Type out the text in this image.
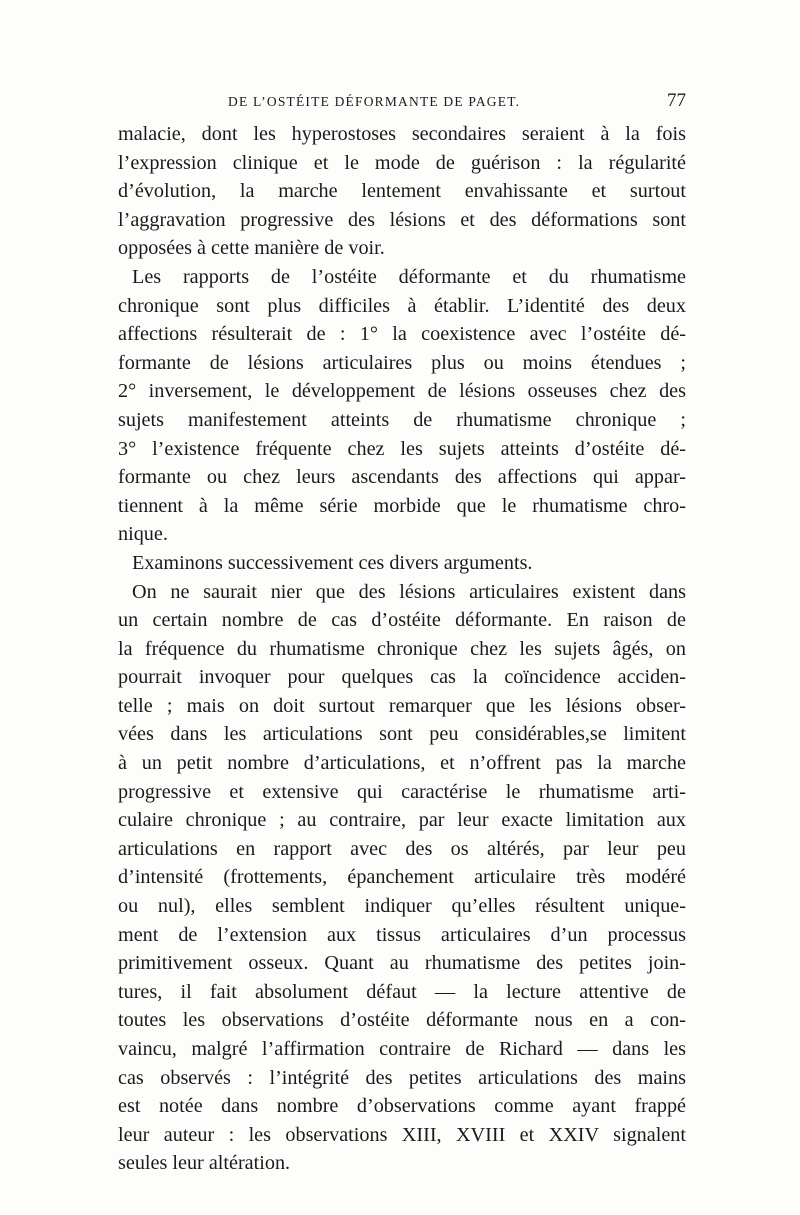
DE L’OSTÉITE DÉFORMANTE DE PAGET.	77
malacie, dont les hyperostoses secondaires seraient à la fois
l’expression clinique et le mode de guérison : la régularité
d’évolution, la marche lentement envahissante et surtout
l’aggravation progressive des lésions et des déformations sont
opposées à cette manière de voir.
Les rapports de l’ostéite déformante et du rhumatisme
chronique sont plus difficiles à établir. L’identité des deux
affections résulterait de : 1° la coexistence avec l’ostéite dé-
formante de lésions articulaires plus ou moins étendues ;
2° inversement, le développement de lésions osseuses chez des
sujets manifestement atteints de rhumatisme chronique ;
3° l’existence fréquente chez les sujets atteints d’ostéite dé-
formante ou chez leurs ascendants des affections qui appar-
tiennent à la même série morbide que le rhumatisme chro-
nique.
Examinons successivement ces divers arguments.
On ne saurait nier que des lésions articulaires existent dans
un certain nombre de cas d’ostéite déformante. En raison de
la fréquence du rhumatisme chronique chez les sujets âgés, on
pourrait invoquer pour quelques cas la coïncidence acciden-
telle ; mais on doit surtout remarquer que les lésions obser-
vées dans les articulations sont peu considérables,se limitent
à un petit nombre d’articulations, et n’offrent pas la marche
progressive et extensive qui caractérise le rhumatisme arti-
culaire chronique ; au contraire, par leur exacte limitation aux
articulations en rapport avec des os altérés, par leur peu
d’intensité (frottements, épanchement articulaire très modéré
ou nul), elles semblent indiquer qu’elles résultent unique-
ment de l’extension aux tissus articulaires d’un processus
primitivement osseux. Quant au rhumatisme des petites join-
tures, il fait absolument défaut — la lecture attentive de
toutes les observations d’ostéite déformante nous en a con-
vaincu, malgré l’affirmation contraire de Richard — dans les
cas observés : l’intégrité des petites articulations des mains
est notée dans nombre d’observations comme ayant frappé
leur auteur : les observations XIII, XVIII et XXIV signalent
seules leur altération.
